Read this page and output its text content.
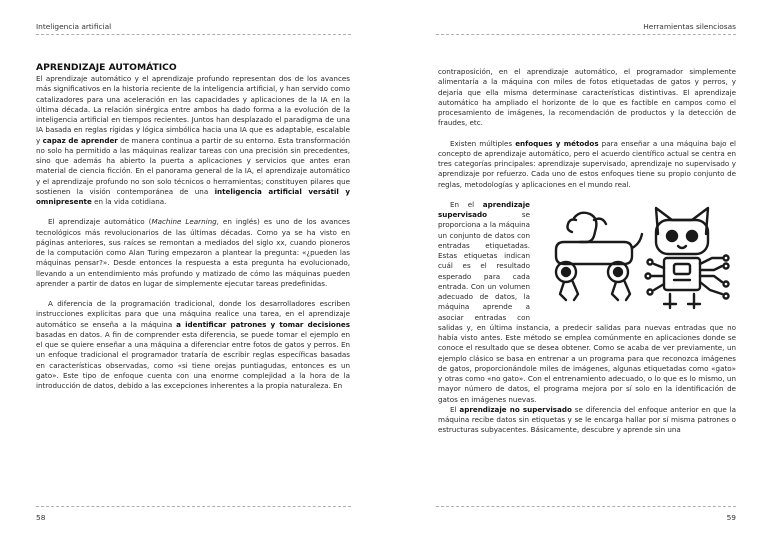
Inteligencia artificial
APRENDIZAJE AUTOMÁTICO

El aprendizaje automático y el aprendizaje profundo representan dos de los avances más significativos en la historia reciente de la inteligencia artificial, y han servido como catalizadores para una aceleración en las capacidades y aplicaciones de la IA en la última década. La relación sinérgica entre ambos ha dado forma a la evolución de la inteligencia artificial en tiempos recientes. Juntos han desplazado el paradigma de una IA basada en reglas rígidas y lógica simbólica hacia una IA que es adaptable, escalable y capaz de aprender de manera continua a partir de su entorno. Esta transformación no solo ha permitido a las máquinas realizar tareas con una precisión sin precedentes, sino que además ha abierto la puerta a aplicaciones y servicios que antes eran material de ciencia ficción. En el panorama general de la IA, el aprendizaje automático y el aprendizaje profundo no son solo técnicos o herramientas; constituyen pilares que sostienen la visión contemporánea de una inteligencia artificial versátil y omnipresente en la vida cotidiana.

El aprendizaje automático (Machine Learning, en inglés) es uno de los avances tecnológicos más revolucionarios de las últimas décadas. Como ya se ha visto en páginas anteriores, sus raíces se remontan a mediados del siglo xx, cuando pioneros de la computación como Alan Turing empezaron a plantear la pregunta: «¿pueden las máquinas pensar?». Desde entonces la respuesta a esta pregunta ha evolucionado, llevando a un entendimiento más profundo y matizado de cómo las máquinas pueden aprender a partir de datos en lugar de simplemente ejecutar tareas predefinidas.

A diferencia de la programación tradicional, donde los desarrolladores escriben instrucciones explícitas para que una máquina realice una tarea, en el aprendizaje automático se enseña a la máquina a identificar patrones y tomar decisiones basadas en datos. A fin de comprender esta diferencia, se puede tomar el ejemplo en el que se quiere enseñar a una máquina a diferenciar entre fotos de gatos y perros. En un enfoque tradicional el programador trataría de escribir reglas específicas basadas en características observadas, como «si tiene orejas puntiagudas, entonces es un gato». Este tipo de enfoque cuenta con una enorme complejidad a la hora de la introducción de datos, debido a las excepciones inherentes a la propia naturaleza. En

58
Herramientas silenciosas

contraposición, en el aprendizaje automático, el programador simplemente alimentaría a la máquina con miles de fotos etiquetadas de gatos y perros, y dejaría que ella misma determinase características distintivas. El aprendizaje automático ha ampliado el horizonte de lo que es factible en campos como el procesamiento de imágenes, la recomendación de productos y la detección de fraudes, etc.

Existen múltiples enfoques y métodos para enseñar a una máquina bajo el concepto de aprendizaje automático, pero el acuerdo científico actual se centra en tres categorías principales: aprendizaje supervisado, aprendizaje no supervisado y aprendizaje por refuerzo. Cada uno de estos enfoques tiene su propio conjunto de reglas, metodologías y aplicaciones en el mundo real.

En el aprendizaje supervisado se proporciona a la máquina un conjunto de datos con entradas etiquetadas. Estas etiquetas indican cuál es el resultado esperado para cada entrada. Con un volumen adecuado de datos, la máquina aprende a asociar entradas con salidas y, en última instancia, a predecir salidas para nuevas entradas que no había visto antes. Este método se emplea comúnmente en aplicaciones donde se conoce el resultado que se desea obtener. Como se acaba de ver previamente, un ejemplo clásico se basa en entrenar a un programa para que reconozca imágenes de gatos, proporcionándole miles de imágenes, algunas etiquetadas como «gato» y otras como «no gato». Con el entrenamiento adecuado, o lo que es lo mismo, un mayor número de datos, el programa mejora por sí solo en la identificación de gatos en imágenes nuevas.

El aprendizaje no supervisado se diferencia del enfoque anterior en que la máquina recibe datos sin etiquetas y se le encarga hallar por sí misma patrones o estructuras subyacentes. Básicamente, descubre y aprende sin una

59
